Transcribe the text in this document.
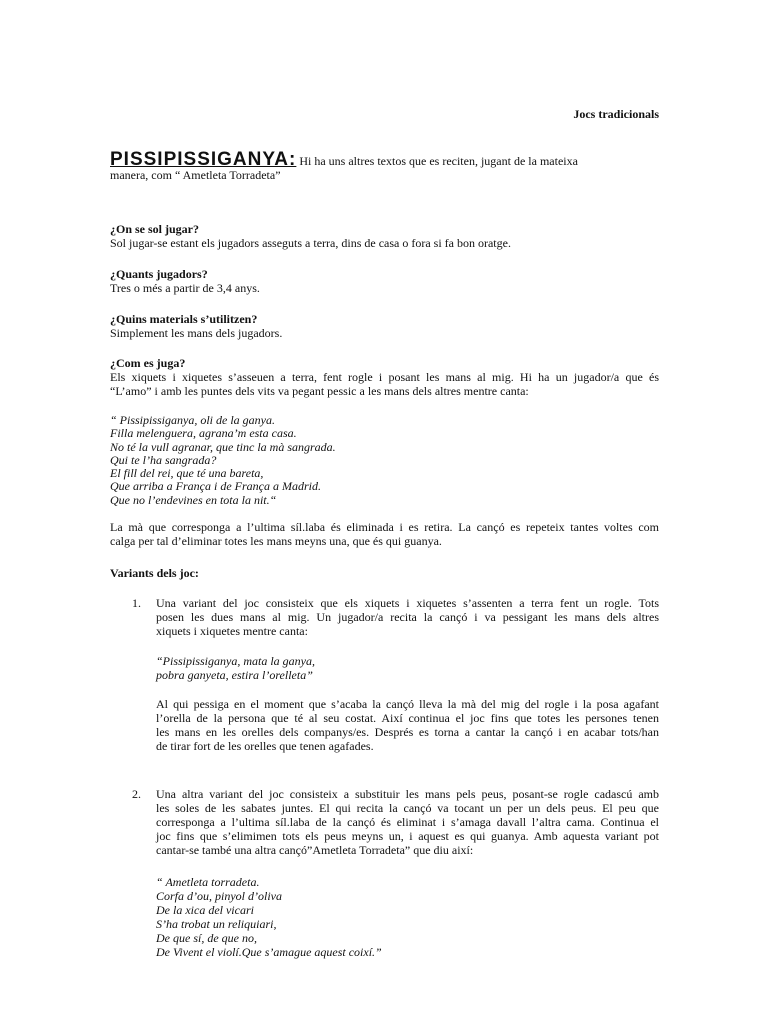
Jocs tradicionals
PISSIPISSIGANYA: Hi ha uns altres textos que es reciten, jugant de la mateixa
manera, com “ Ametleta Torradeta”
¿On se sol jugar?

Sol jugar-se estant els jugadors asseguts a terra, dins de casa o fora si fa bon oratge.

¿Quants jugadors?

Tres o més a partir de 3,4 anys.

¿Quins materials s’utilitzen?

Simplement les mans dels jugadors.

¿Com es juga?

Els xiquets i xiquetes s’asseuen a terra, fent rogle i posant les mans al mig. Hi ha un jugador/a que és

“L’amo” i amb les puntes dels vits va pegant pessic a les mans dels altres mentre canta:

“ Pissipissiganya, oli de la ganya.
Filla melenguera, agrana’m esta casa.
No té la vull agranar, que tinc la mà sangrada.
Qui te l’ha sangrada?
El fill del rei, que té una bareta,
Que arriba a França i de França a Madrid.
Que no l’endevines en tota la nit.“
La mà que corresponga a l’ultima síl.laba és eliminada i es retira. La cançó es repeteix tantes voltes com
calga per tal d’eliminar totes les mans meyns una, que és qui guanya.
Variants dels joc:
1. Una variant del joc consisteix que els xiquets i xiquetes s’assenten a terra fent un rogle. Tots
posen les dues mans al mig. Un jugador/a recita la cançó i va pessigant les mans dels altres
xiquets i xiquetes mentre canta:
“Pissipissiganya, mata la ganya,
pobra ganyeta, estira l’orelleta”
Al qui pessiga en el moment que s’acaba la cançó lleva la mà del mig del rogle i la posa agafant
l’orella de la persona que té al seu costat. Així continua el joc fins que totes les persones tenen
les mans en les orelles dels companys/es. Després es torna a cantar la cançó i en acabar tots/han
de tirar fort de les orelles que tenen agafades.
2. Una altra variant del joc consisteix a substituir les mans pels peus, posant-se rogle cadascú amb
les soles de les sabates juntes. El qui recita la cançó va tocant un per un dels peus. El peu que
corresponga a l’ultima síl.laba de la cançó és eliminat i s’amaga davall l’altra cama. Continua el
joc fins que s’elimimen tots els peus meyns un, i aquest es qui guanya. Amb aquesta variant pot
cantar-se també una altra cançó”Ametleta Torradeta” que diu així:
“ Ametleta torradeta.
Corfa d’ou, pinyol d’oliva
De la xica del vicari
S’ha trobat un reliquiari,
De que sí, de que no,
De Vivent el violí.Que s’amague aquest coixí.”
